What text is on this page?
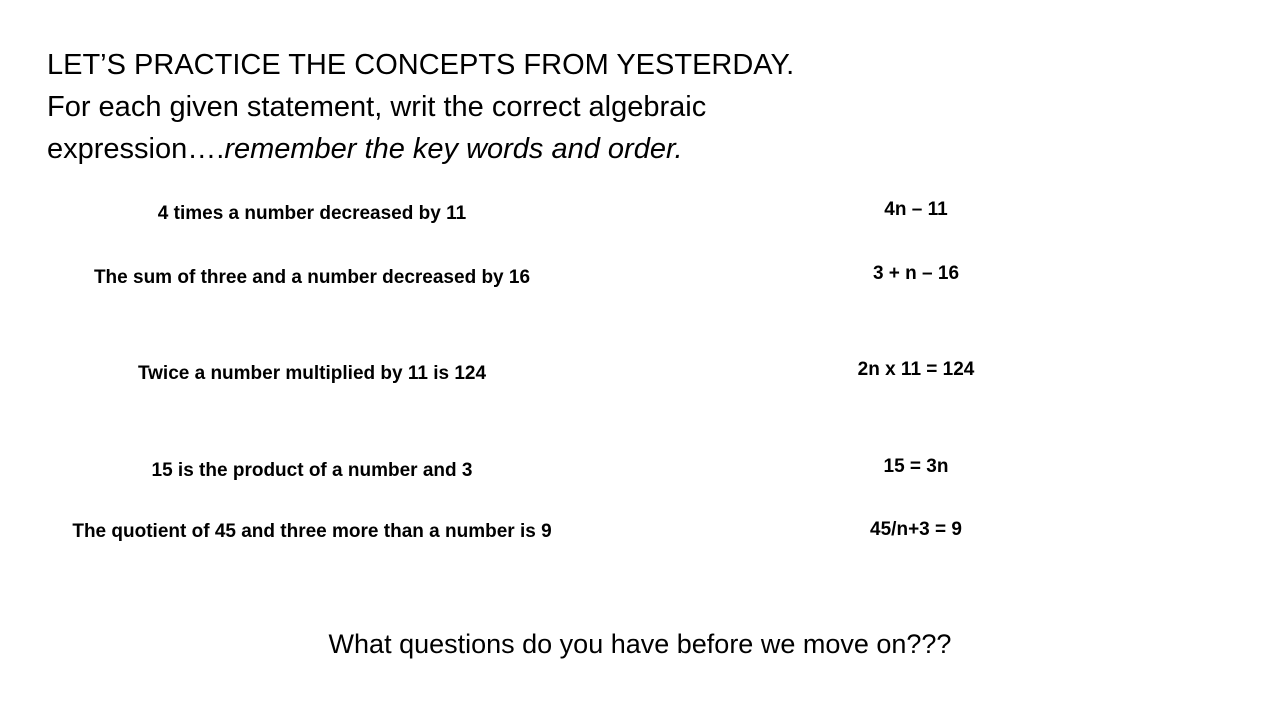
LET’S PRACTICE THE CONCEPTS FROM YESTERDAY.
For each given statement, writ the correct algebraic
expression….remember the key words and order.
4 times a number decreased by 11
The sum of three and a number decreased by 16
Twice a number multiplied by 11 is 124
15 is the product of a number and 3
The quotient of 45 and three more than a number is 9
4n – 11
3 + n – 16
2n x 11 = 124
15 = 3n
45/n+3 = 9
What questions do you have before we move on???
